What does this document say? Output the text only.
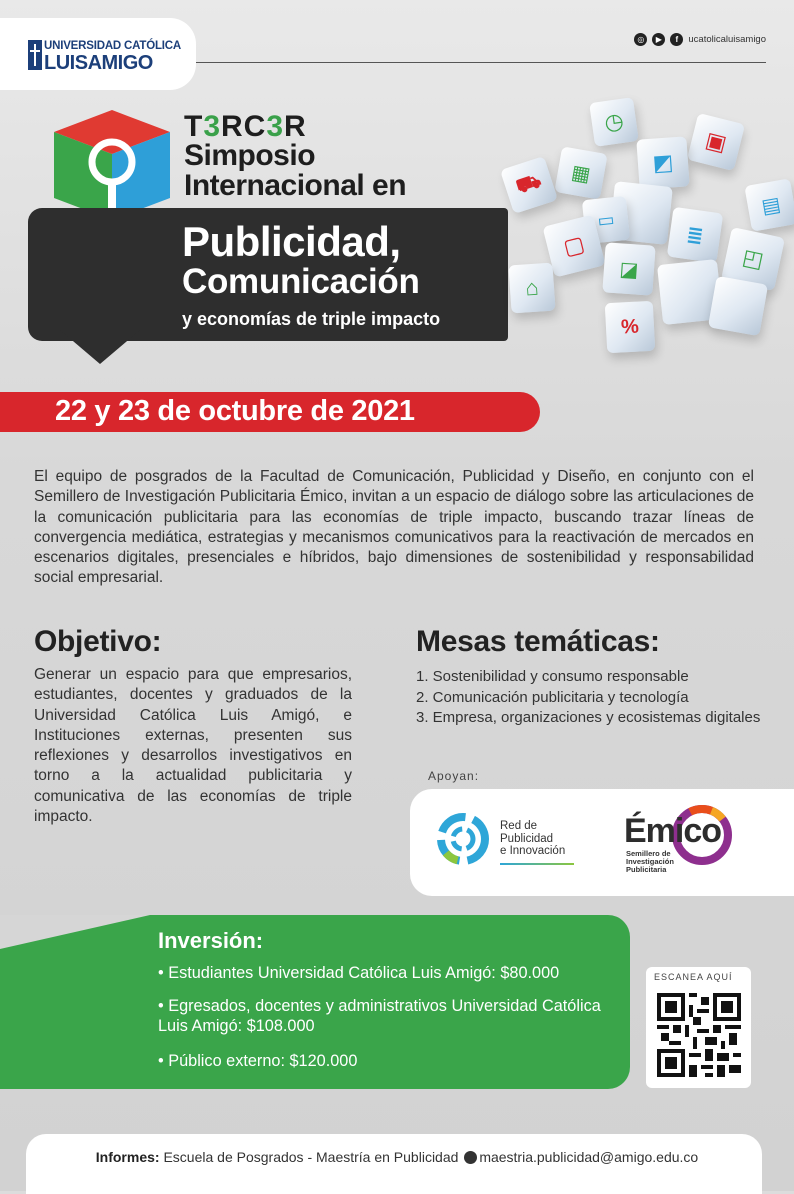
UNIVERSIDAD CATÓLICA
LUISAMIGO
◎	▶	f	ucatolicaluisamigo
T3RC3R
Simposio
Internacional en
Publicidad,
Comunicación
y economías de triple impacto
◷
▣
◩
▦
⛟
▤
▭
≣
▢	◰
◪
⌂
%
22 y 23 de octubre de 2021
El equipo de posgrados de la Facultad de Comunicación, Publicidad y Diseño, en conjunto con el Semillero de Investigación Publicitaria Émico, invitan a un espacio de diálogo sobre las articulaciones de la comunicación publicitaria para las economías de triple impacto, buscando trazar líneas de convergencia mediática, estrategias y mecanismos comunicativos para la reactivación de mercados en escenarios digitales, presenciales e híbridos, bajo dimensiones de sostenibilidad y responsabilidad social empresarial.
Objetivo:
Generar un espacio para que empresarios, estudiantes, docentes y graduados de la Universidad Católica Luis Amigó, e Instituciones externas, presenten sus reflexiones y desarrollos investigativos en torno a la actualidad publicitaria y comunicativa de las economías de triple impacto.
Mesas temáticas:
1. Sostenibilidad y consumo responsable
2. Comunicación publicitaria y tecnología
3. Empresa, organizaciones y ecosistemas digitales
Apoyan:
Red de
Publicidad
e Innovación
Émico
Semillero de
Investigación
Publicitaria
Inversión:
• Estudiantes Universidad Católica Luis Amigó: $80.000
• Egresados, docentes y administrativos Universidad Católica Luis Amigó: $108.000
• Público externo: $120.000
ESCANEA AQUÍ
Informes: Escuela de Posgrados - Maestría en Publicidad maestria.publicidad@amigo.edu.co
